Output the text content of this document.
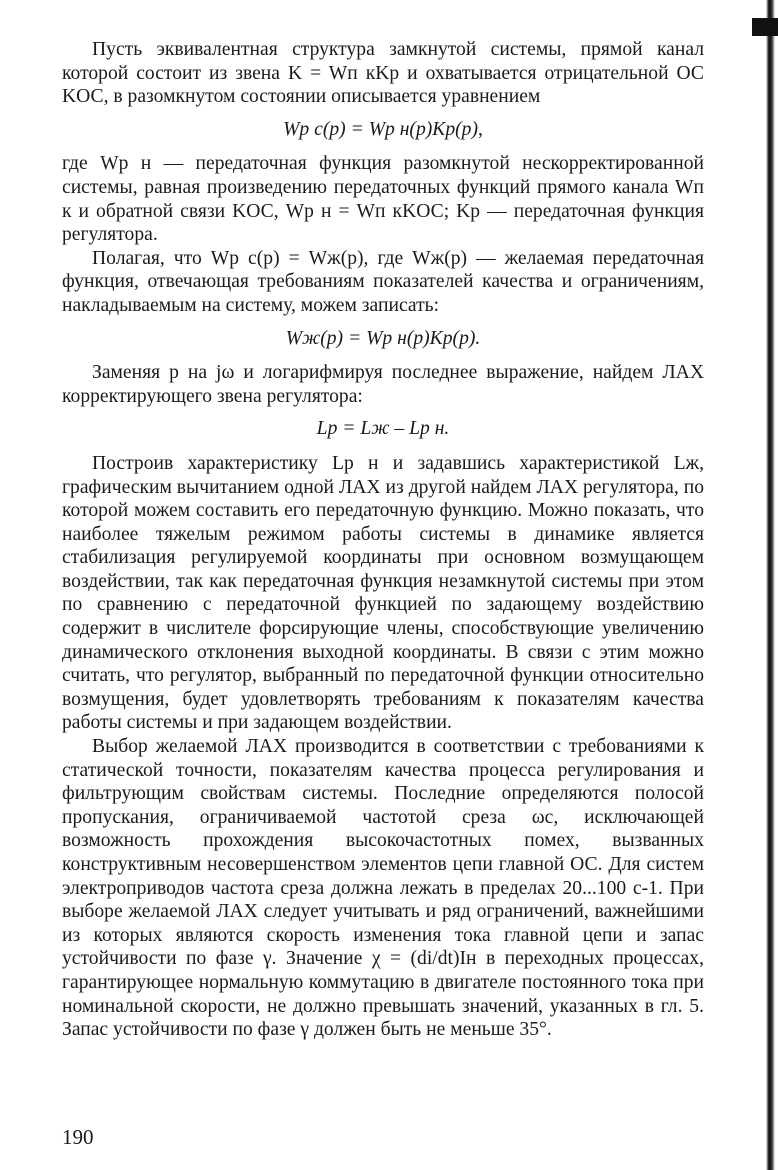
Пусть эквивалентная структура замкнутой системы, прямой канал которой состоит из звена K = Wп кKр и охватывается отрицательной ОС KОС, в разомкнутом состоянии описывается уравнением

Wр с(p) = Wр н(p)Kр(p),

где Wр н — передаточная функция разомкнутой нескорректированной системы, равная произведению передаточных функций прямого канала Wп к и обратной связи KОС, Wр н = Wп кKОС; Kр — передаточная функция регулятора.

Полагая, что Wр с(p) = Wж(p), где Wж(p) — желаемая передаточная функция, отвечающая требованиям показателей качества и ограничениям, накладываемым на систему, можем записать:

Wж(p) = Wр н(p)Kр(p).

Заменяя p на jω и логарифмируя последнее выражение, найдем ЛАХ корректирующего звена регулятора:

Lр = Lж – Lр н.

Построив характеристику Lр н и задавшись характеристикой Lж, графическим вычитанием одной ЛАХ из другой найдем ЛАХ регулятора, по которой можем составить его передаточную функцию. Можно показать, что наиболее тяжелым режимом работы системы в динамике является стабилизация регулируемой координаты при основном возмущающем воздействии, так как передаточная функция незамкнутой системы при этом по сравнению с передаточной функцией по задающему воздействию содержит в числителе форсирующие члены, способствующие увеличению динамического отклонения выходной координаты. В связи с этим можно считать, что регулятор, выбранный по передаточной функции относительно возмущения, будет удовлетворять требованиям к показателям качества работы системы и при задающем воздействии.

Выбор желаемой ЛАХ производится в соответствии с требованиями к статической точности, показателям качества процесса регулирования и фильтрующим свойствам системы. Последние определяются полосой пропускания, ограничиваемой частотой среза ωс, исключающей возможность прохождения высокочастотных помех, вызванных конструктивным несовершенством элементов цепи главной ОС. Для систем электроприводов частота среза должна лежать в пределах 20...100 с-1. При выборе желаемой ЛАХ следует учитывать и ряд ограничений, важнейшими из которых являются скорость изменения тока главной цепи и запас устойчивости по фазе γ. Значение χ = (di/dt)Iн в переходных процессах, гарантирующее нормальную коммутацию в двигателе постоянного тока при номинальной скорости, не должно превышать значений, указанных в гл. 5. Запас устойчивости по фазе γ должен быть не меньше 35°.

190
